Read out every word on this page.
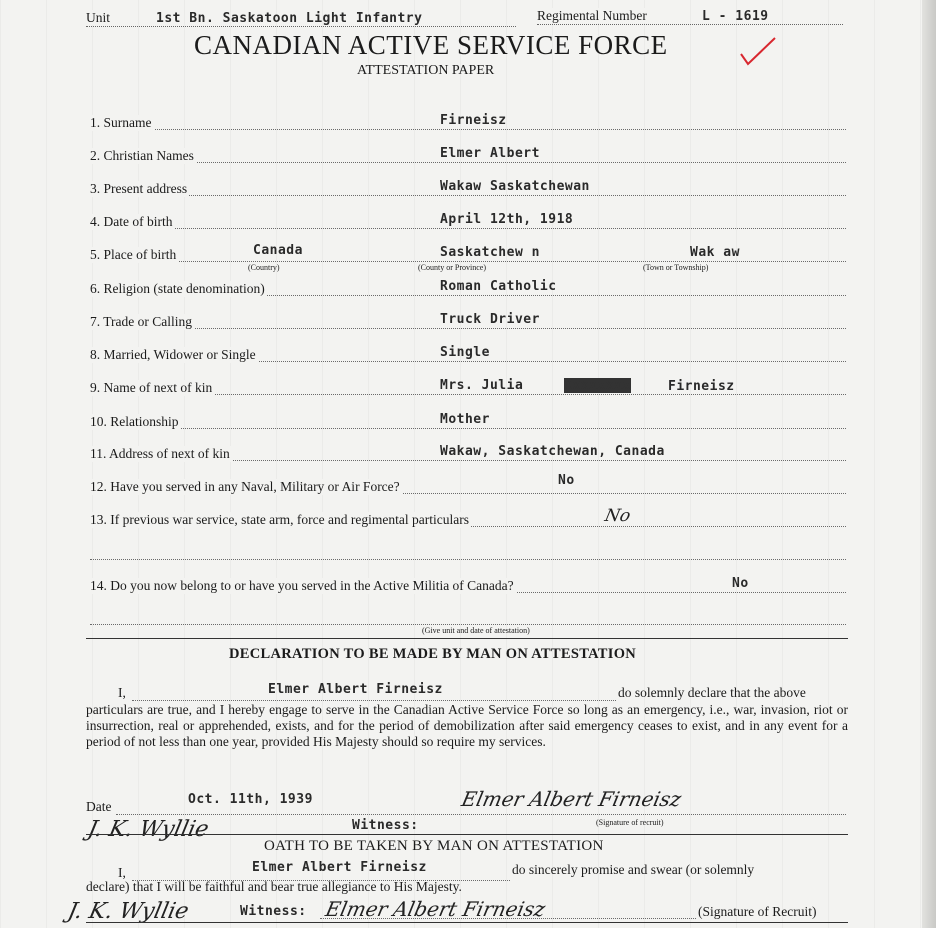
Unit	1st Bn. Saskatoon Light Infantry	Regimental Number	L - 1619
CANADIAN ACTIVE SERVICE FORCE
ATTESTATION PAPER
1. Surname	Firneisz
2. Christian Names	Elmer Albert
3. Present address	Wakaw Saskatchewan
4. Date of birth	April 12th, 1918
5. Place of birth	Canada	Saskatchew n	Wak aw
(Country)	(County or Province)	(Town or Township)
6. Religion (state denomination)	Roman Catholic
7. Trade or Calling	Truck Driver
8. Married, Widower or Single	Single
9. Name of next of kin	Mrs. Julia	Xxxxxxxx	Firneisz
10. Relationship	Mother
11. Address of next of kin	Wakaw, Saskatchewan, Canada
12. Have you served in any Naval, Military or Air Force?	No
13. If previous war service, state arm, force and regimental particulars	No
14. Do you now belong to or have you served in the Active Militia of Canada?	No
(Give unit and date of attestation)
DECLARATION TO BE MADE BY MAN ON ATTESTATION
I,	Elmer Albert Firneisz	do solemnly declare that the above
particulars are true, and I hereby engage to serve in the Canadian Active Service Force so long as an emergency, i.e., war, invasion, riot or insurrection, real or apprehended, exists, and for the period of demobilization after said emergency ceases to exist, and in any event for a period of not less than one year, provided His Majesty should so require my services.
Date	Oct. 11th, 1939	Elmer Albert Firneisz
(Signature of recruit)
J. K. Wyllie	Witness:
OATH TO BE TAKEN BY MAN ON ATTESTATION
I,	Elmer Albert Firneisz	do sincerely promise and swear (or solemnly
declare) that I will be faithful and bear true allegiance to His Majesty.
J. K. Wyllie	Witness: Elmer Albert Firneisz	(Signature of Recruit)
